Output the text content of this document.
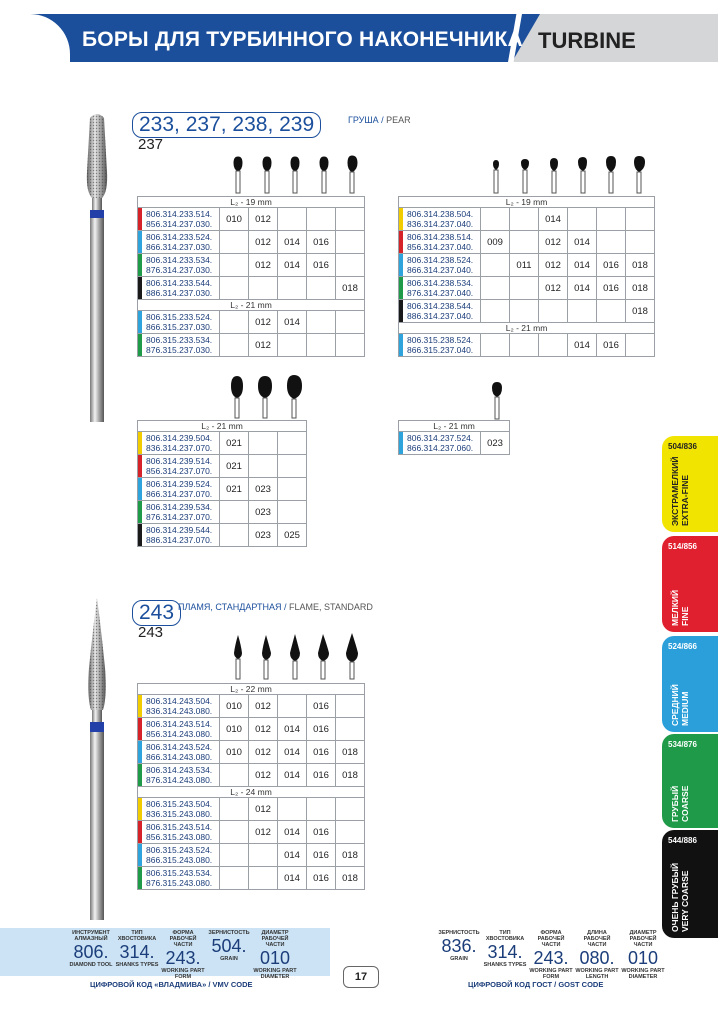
БОРЫ ДЛЯ ТУРБИННОГО НАКОНЕЧНИКА TURBINE
233, 237, 238, 239
237
ГРУША / PEAR
L₂ - 19 mm					

806.314.233.514.
856.314.237.030.	010	012			

806.314.233.524.
866.314.237.030.		012	014	016	

806.314.233.534.
876.314.237.030.		012	014	016	

806.314.233.544.
886.314.237.030.					018
L₂ - 21 mm					

806.315.233.524.
866.315.237.030.		012	014		

806.315.233.534.
876.315.237.030.		012			
L₂ - 19 mm						

806.314.238.504.
836.314.237.040.			014			

806.314.238.514.
856.314.237.040.	009		012	014		

806.314.238.524.
866.314.237.040.		011	012	014	016	018

806.314.238.534.
876.314.237.040.			012	014	016	018

806.314.238.544.
886.314.237.040.						018
L₂ - 21 mm						

806.315.238.524.
866.315.237.040.				014	016	
L₂ - 21 mm			

806.314.239.504.
836.314.237.070.	021		

806.314.239.514.
856.314.237.070.	021		

806.314.239.524.
866.314.237.070.	021	023	

806.314.239.534.
876.314.237.070.		023	

806.314.239.544.
886.314.237.070.		023	025
L₂ - 21 mm

806.314.237.524.
866.314.237.060.	023
243
243
ПЛАМЯ, СТАНДАРТНАЯ / FLAME, STANDARD
L₂ - 22 mm					

806.314.243.504.
836.314.243.080.	010	012		016	

806.314.243.514.
856.314.243.080.	010	012	014	016	

806.314.243.524.
866.314.243.080.	010	012	014	016	018

806.314.243.534.
876.314.243.080.		012	014	016	018
L₂ - 24 mm					

806.315.243.504.
836.315.243.080.		012			

806.315.243.514.
856.315.243.080.		012	014	016	

806.315.243.524.
866.315.243.080.			014	016	018

806.315.243.534.
876.315.243.080.			014	016	018
504/836
ЭКСТРАМЕЛКИЙ EXTRA-FINE
514/856
МЕЛКИЙ FINE
524/866
СРЕДНИЙ MEDIUM
534/876
ГРУБЫЙ COARSE
544/886
ОЧЕНЬ ГРУБЫЙ VERY COARSE
ИНСТРУМЕНТ АЛМАЗНЫЙ
806.
DIAMOND TOOL
ТИП ХВОСТОВИКА
314.
SHANKS TYPES
ФОРМА РАБОЧЕЙ ЧАСТИ
243.
WORKING PART FORM
ЗЕРНИСТОСТЬ
504.
GRAIN
ДИАМЕТР РАБОЧЕЙ ЧАСТИ
010
WORKING PART DIAMETER
ЦИФРОВОЙ КОД «ВЛАДМИВА» / VMV CODE
17
ЗЕРНИСТОСТЬ
836.
GRAIN
ТИП ХВОСТОВИКА
314.
SHANKS TYPES
ФОРМА РАБОЧЕЙ ЧАСТИ
243.
WORKING PART FORM
ДЛИНА РАБОЧЕЙ ЧАСТИ
080.
WORKING PART LENGTH
ДИАМЕТР РАБОЧЕЙ ЧАСТИ
010
WORKING PART DIAMETER
ЦИФРОВОЙ КОД ГОСТ / GOST CODE
